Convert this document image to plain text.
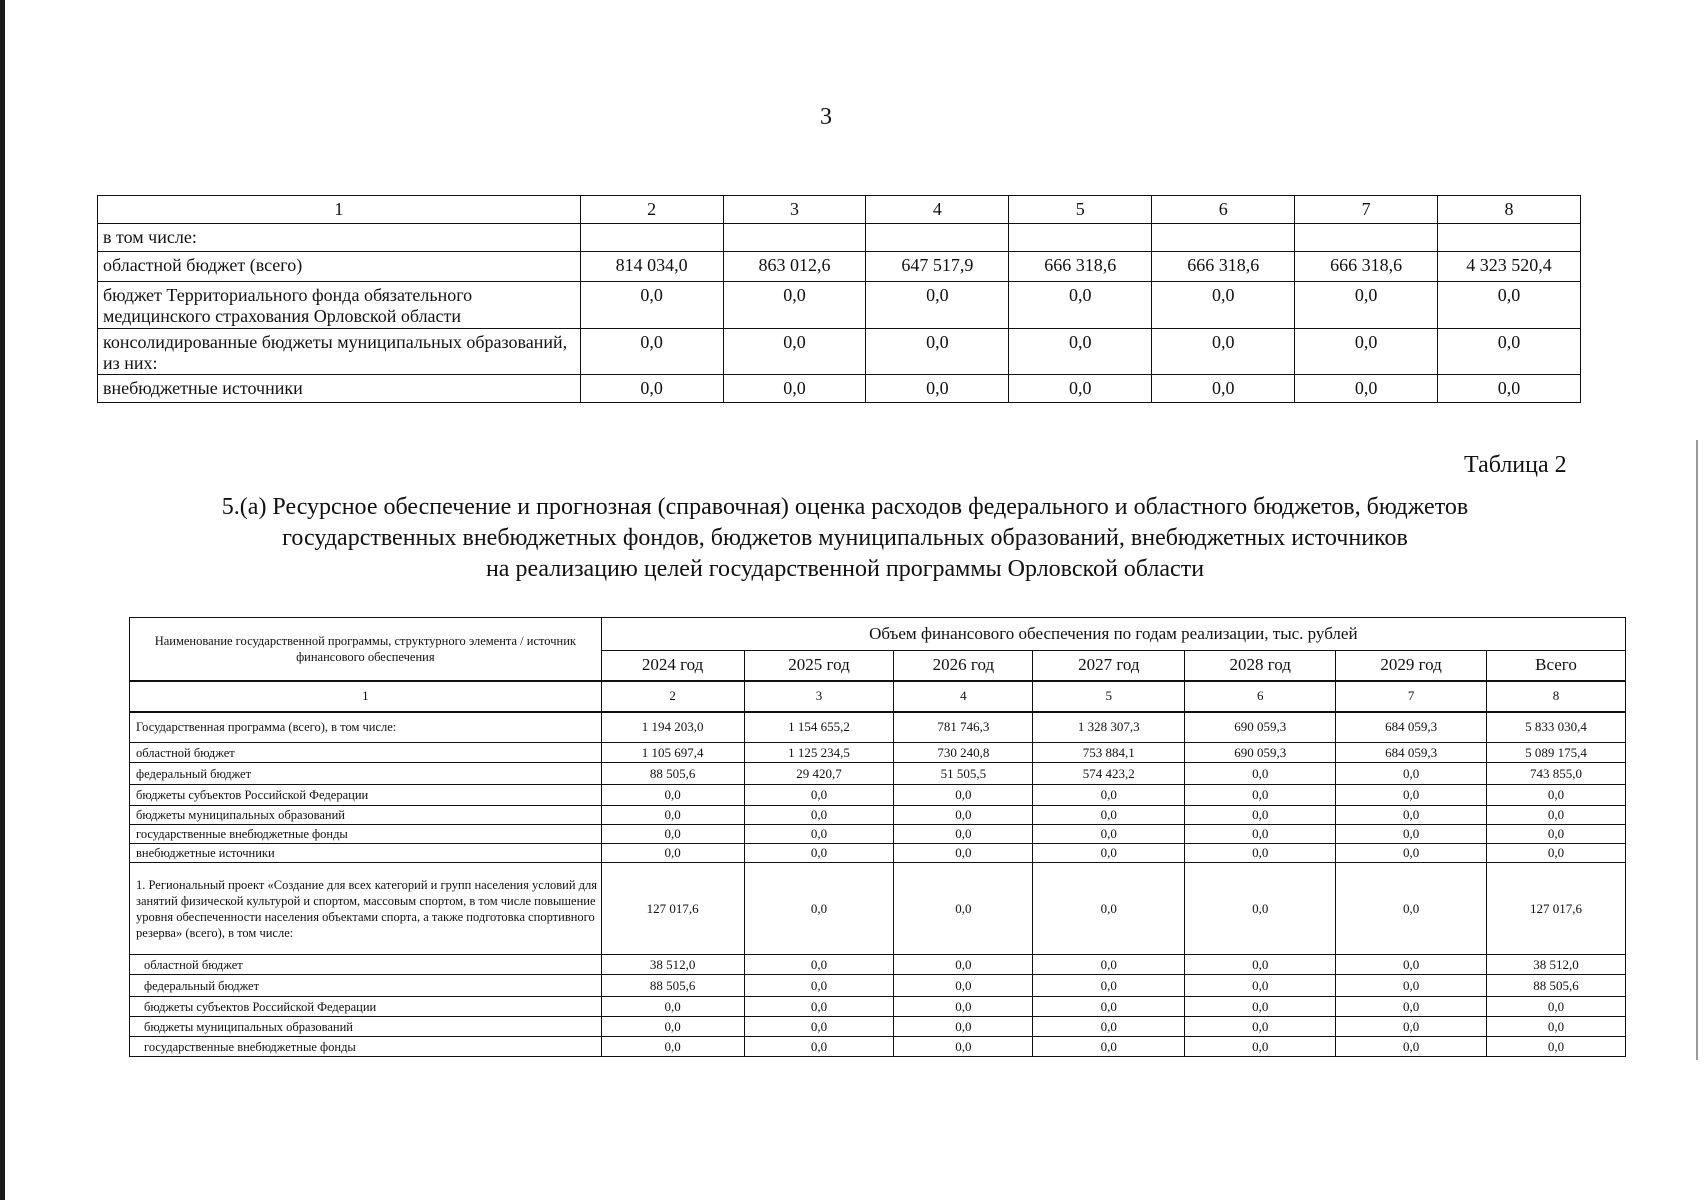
3
1	2	3	4	5	6	7	8
в том числе:							
областной бюджет (всего)	814 034,0	863 012,6	647 517,9	666 318,6	666 318,6	666 318,6	4 323 520,4
бюджет Территориального фонда обязательного медицинского страхования Орловской области	0,0	0,0	0,0	0,0	0,0	0,0	0,0
консолидированные бюджеты муниципальных образований, из них:	0,0	0,0	0,0	0,0	0,0	0,0	0,0
внебюджетные источники	0,0	0,0	0,0	0,0	0,0	0,0	0,0
Таблица 2
5.(а) Ресурсное обеспечение и прогнозная (справочная) оценка расходов федерального и областного бюджетов, бюджетов
государственных внебюджетных фондов, бюджетов муниципальных образований, внебюджетных источников
на реализацию целей государственной программы Орловской области
Наименование государственной программы, структурного элемента / источник финансового обеспечения	Объем финансового обеспечения по годам реализации, тыс. рублей						
	2024 год	2025 год	2026 год	2027 год	2028 год	2029 год	Всего
1	2	3	4	5	6	7	8
Государственная программа (всего), в том числе:	1 194 203,0	1 154 655,2	781 746,3	1 328 307,3	690 059,3	684 059,3	5 833 030,4
областной бюджет	1 105 697,4	1 125 234,5	730 240,8	753 884,1	690 059,3	684 059,3	5 089 175,4
федеральный бюджет	88 505,6	29 420,7	51 505,5	574 423,2	0,0	0,0	743 855,0
бюджеты субъектов Российской Федерации	0,0	0,0	0,0	0,0	0,0	0,0	0,0
бюджеты муниципальных образований	0,0	0,0	0,0	0,0	0,0	0,0	0,0
государственные внебюджетные фонды	0,0	0,0	0,0	0,0	0,0	0,0	0,0
внебюджетные источники	0,0	0,0	0,0	0,0	0,0	0,0	0,0
1. Региональный проект «Создание для всех категорий и групп населения условий для занятий физической культурой и спортом, массовым спортом, в том числе повышение уровня обеспеченности населения объектами спорта, а также подготовка спортивного резерва» (всего), в том числе:	127 017,6	0,0	0,0	0,0	0,0	0,0	127 017,6
областной бюджет	38 512,0	0,0	0,0	0,0	0,0	0,0	38 512,0
федеральный бюджет	88 505,6	0,0	0,0	0,0	0,0	0,0	88 505,6
бюджеты субъектов Российской Федерации	0,0	0,0	0,0	0,0	0,0	0,0	0,0
бюджеты муниципальных образований	0,0	0,0	0,0	0,0	0,0	0,0	0,0
государственные внебюджетные фонды	0,0	0,0	0,0	0,0	0,0	0,0	0,0
